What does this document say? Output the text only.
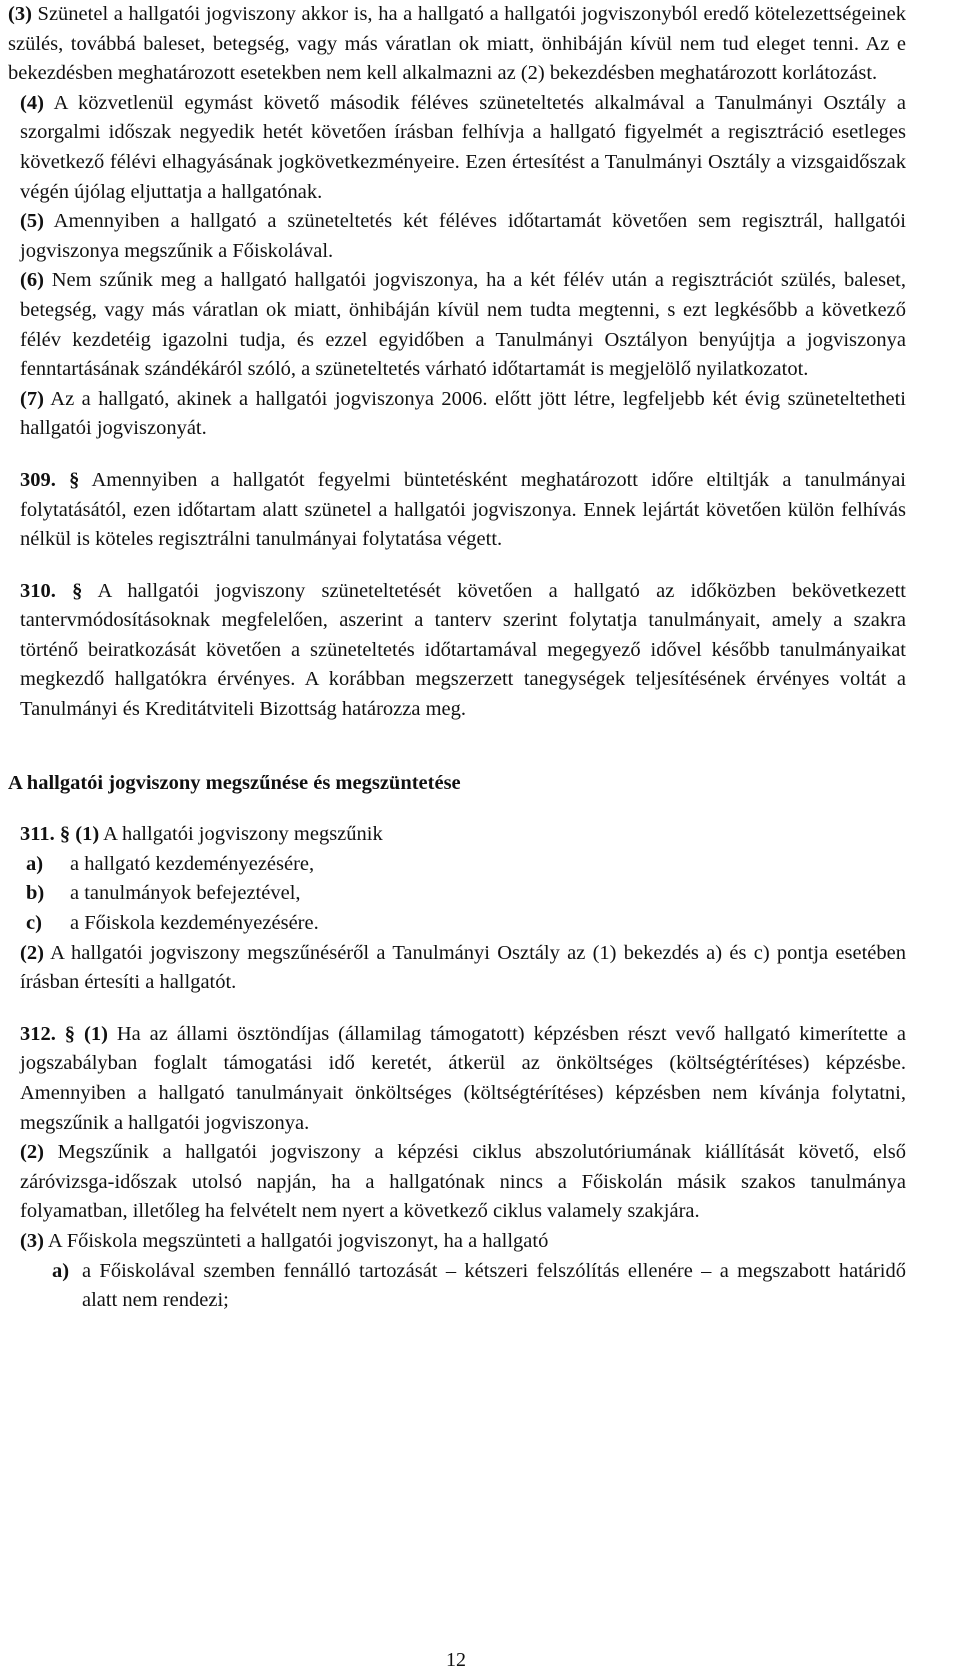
(3) Szünetel a hallgatói jogviszony akkor is, ha a hallgató a hallgatói jogviszonyból eredő kötelezettségeinek szülés, továbbá baleset, betegség, vagy más váratlan ok miatt, önhibáján kívül nem tud eleget tenni. Az e bekezdésben meghatározott esetekben nem kell alkalmazni az (2) bekezdésben meghatározott korlátozást.

(4) A közvetlenül egymást követő második féléves szüneteltetés alkalmával a Tanulmányi Osztály a szorgalmi időszak negyedik hetét követően írásban felhívja a hallgató figyelmét a regisztráció esetleges következő félévi elhagyásának jogkövetkezményeire. Ezen értesítést a Tanulmányi Osztály a vizsgaidőszak végén újólag eljuttatja a hallgatónak.

(5) Amennyiben a hallgató a szüneteltetés két féléves időtartamát követően sem regisztrál, hallgatói jogviszonya megszűnik a Főiskolával.

(6) Nem szűnik meg a hallgató hallgatói jogviszonya, ha a két félév után a regisztrációt szülés, baleset, betegség, vagy más váratlan ok miatt, önhibáján kívül nem tudta megtenni, s ezt legkésőbb a következő félév kezdetéig igazolni tudja, és ezzel egyidőben a Tanulmányi Osztályon benyújtja a jogviszonya fenntartásának szándékáról szóló, a szüneteltetés várható időtartamát is megjelölő nyilatkozatot.

(7) Az a hallgató, akinek a hallgatói jogviszonya 2006. előtt jött létre, legfeljebb két évig szüneteltetheti hallgatói jogviszonyát.

309. § Amennyiben a hallgatót fegyelmi büntetésként meghatározott időre eltiltják a tanulmányai folytatásától, ezen időtartam alatt szünetel a hallgatói jogviszonya. Ennek lejártát követően külön felhívás nélkül is köteles regisztrálni tanulmányai folytatása végett.

310. § A hallgatói jogviszony szüneteltetését követően a hallgató az időközben bekövetkezett tantervmódosításoknak megfelelően, aszerint a tanterv szerint folytatja tanulmányait, amely a szakra történő beiratkozását követően a szüneteltetés időtartamával megegyező idővel később tanulmányaikat megkezdő hallgatókra érvényes. A korábban megszerzett tanegységek teljesítésének érvényes voltát a Tanulmányi és Kreditátviteli Bizottság határozza meg.

A hallgatói jogviszony megszűnése és megszüntetése

311. § (1) A hallgatói jogviszony megszűnik

a)	a hallgató kezdeményezésére,
b)	a tanulmányok befejeztével,
c)	a Főiskola kezdeményezésére.

(2) A hallgatói jogviszony megszűnéséről a Tanulmányi Osztály az (1) bekezdés a) és c) pontja esetében írásban értesíti a hallgatót.

312. § (1) Ha az állami ösztöndíjas (államilag támogatott) képzésben részt vevő hallgató kimerítette a jogszabályban foglalt támogatási idő keretét, átkerül az önköltséges (költségtérítéses) képzésbe. Amennyiben a hallgató tanulmányait önköltséges (költségtérítéses) képzésben nem kívánja folytatni, megszűnik a hallgatói jogviszonya.

(2) Megszűnik a hallgatói jogviszony a képzési ciklus abszolutóriumának kiállítását követő, első záróvizsga-időszak utolsó napján, ha a hallgatónak nincs a Főiskolán másik szakos tanulmánya folyamatban, illetőleg ha felvételt nem nyert a következő ciklus valamely szakjára.

(3) A Főiskola megszünteti a hallgatói jogviszonyt, ha a hallgató

a) a Főiskolával szemben fennálló tartozását – kétszeri felszólítás ellenére – a megszabott határidő alatt nem rendezi;
12
